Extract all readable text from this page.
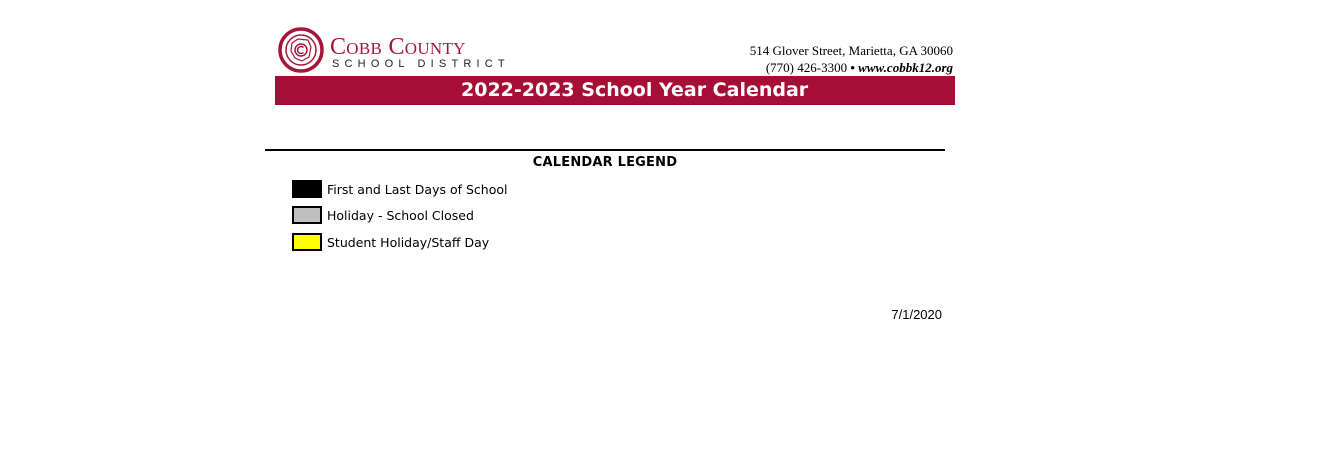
Cobb County
SCHOOL DISTRICT
514 Glover Street, Marietta, GA 30060
(770) 426-3300 • www.cobbk12.org
2022-2023 School Year Calendar
CALENDAR LEGEND
First and Last Days of School
Holiday - School Closed
Student Holiday/Staff Day
7/1/2020
